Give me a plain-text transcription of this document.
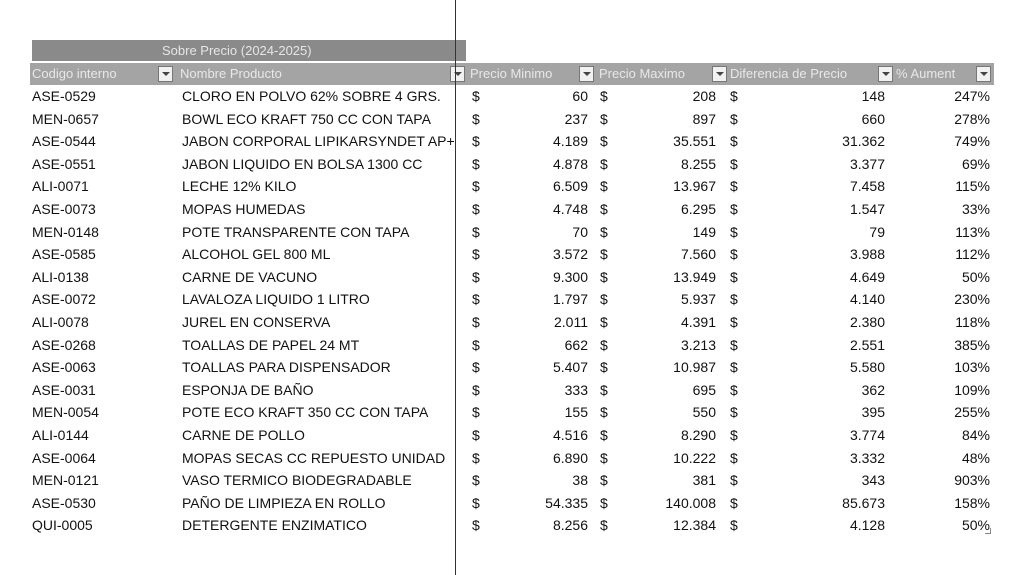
Sobre Precio (2024-2025)
Codigo interno	Nombre Producto	Precio Minimo	Precio Maximo	Diferencia de Precio	% Aument
ASE-0529	CLORO EN POLVO 62% SOBRE 4 GRS. $	60 $	208 $	148	247%
MEN-0657	BOWL ECO KRAFT 750 CC CON TAPA	$	237 $	897 $	660	278%
ASE-0544	JABON CORPORAL LIPIKARSYNDET AP+ $	4.189 $	35.551 $	31.362	749%
ASE-0551	JABON LIQUIDO EN BOLSA 1300 CC	$	4.878 $	8.255 $	3.377	69%
ALI-0071	LECHE 12% KILO	$	6.509 $	13.967 $	7.458	115%
ASE-0073	MOPAS HUMEDAS	$	4.748 $	6.295 $	1.547	33%
MEN-0148	POTE TRANSPARENTE CON TAPA	$	70 $	149 $	79	113%
ASE-0585	ALCOHOL GEL 800 ML	$	3.572 $	7.560 $	3.988	112%
ALI-0138	CARNE DE VACUNO	$	9.300 $	13.949 $	4.649	50%
ASE-0072	LAVALOZA LIQUIDO 1 LITRO	$	1.797 $	5.937 $	4.140	230%
ALI-0078	JUREL EN CONSERVA	$	2.011 $	4.391 $	2.380	118%
ASE-0268	TOALLAS DE PAPEL 24 MT	$	662 $	3.213 $	2.551	385%
ASE-0063	TOALLAS PARA DISPENSADOR	$	5.407 $	10.987 $	5.580	103%
ASE-0031	ESPONJA DE BAÑO	$	333 $	695 $	362	109%
MEN-0054	POTE ECO KRAFT 350 CC CON TAPA	$	155 $	550 $	395	255%
ALI-0144	CARNE DE POLLO	$	4.516 $	8.290 $	3.774	84%
ASE-0064	MOPAS SECAS CC REPUESTO UNIDAD $	6.890 $	10.222 $	3.332	48%
MEN-0121	VASO TERMICO BIODEGRADABLE	$	38 $	381 $	343	903%
ASE-0530	PAÑO DE LIMPIEZA EN ROLLO	$	54.335 $	140.008 $	85.673	158%
QUI-0005	DETERGENTE ENZIMATICO	$	8.256 $	12.384 $	4.128	50%
